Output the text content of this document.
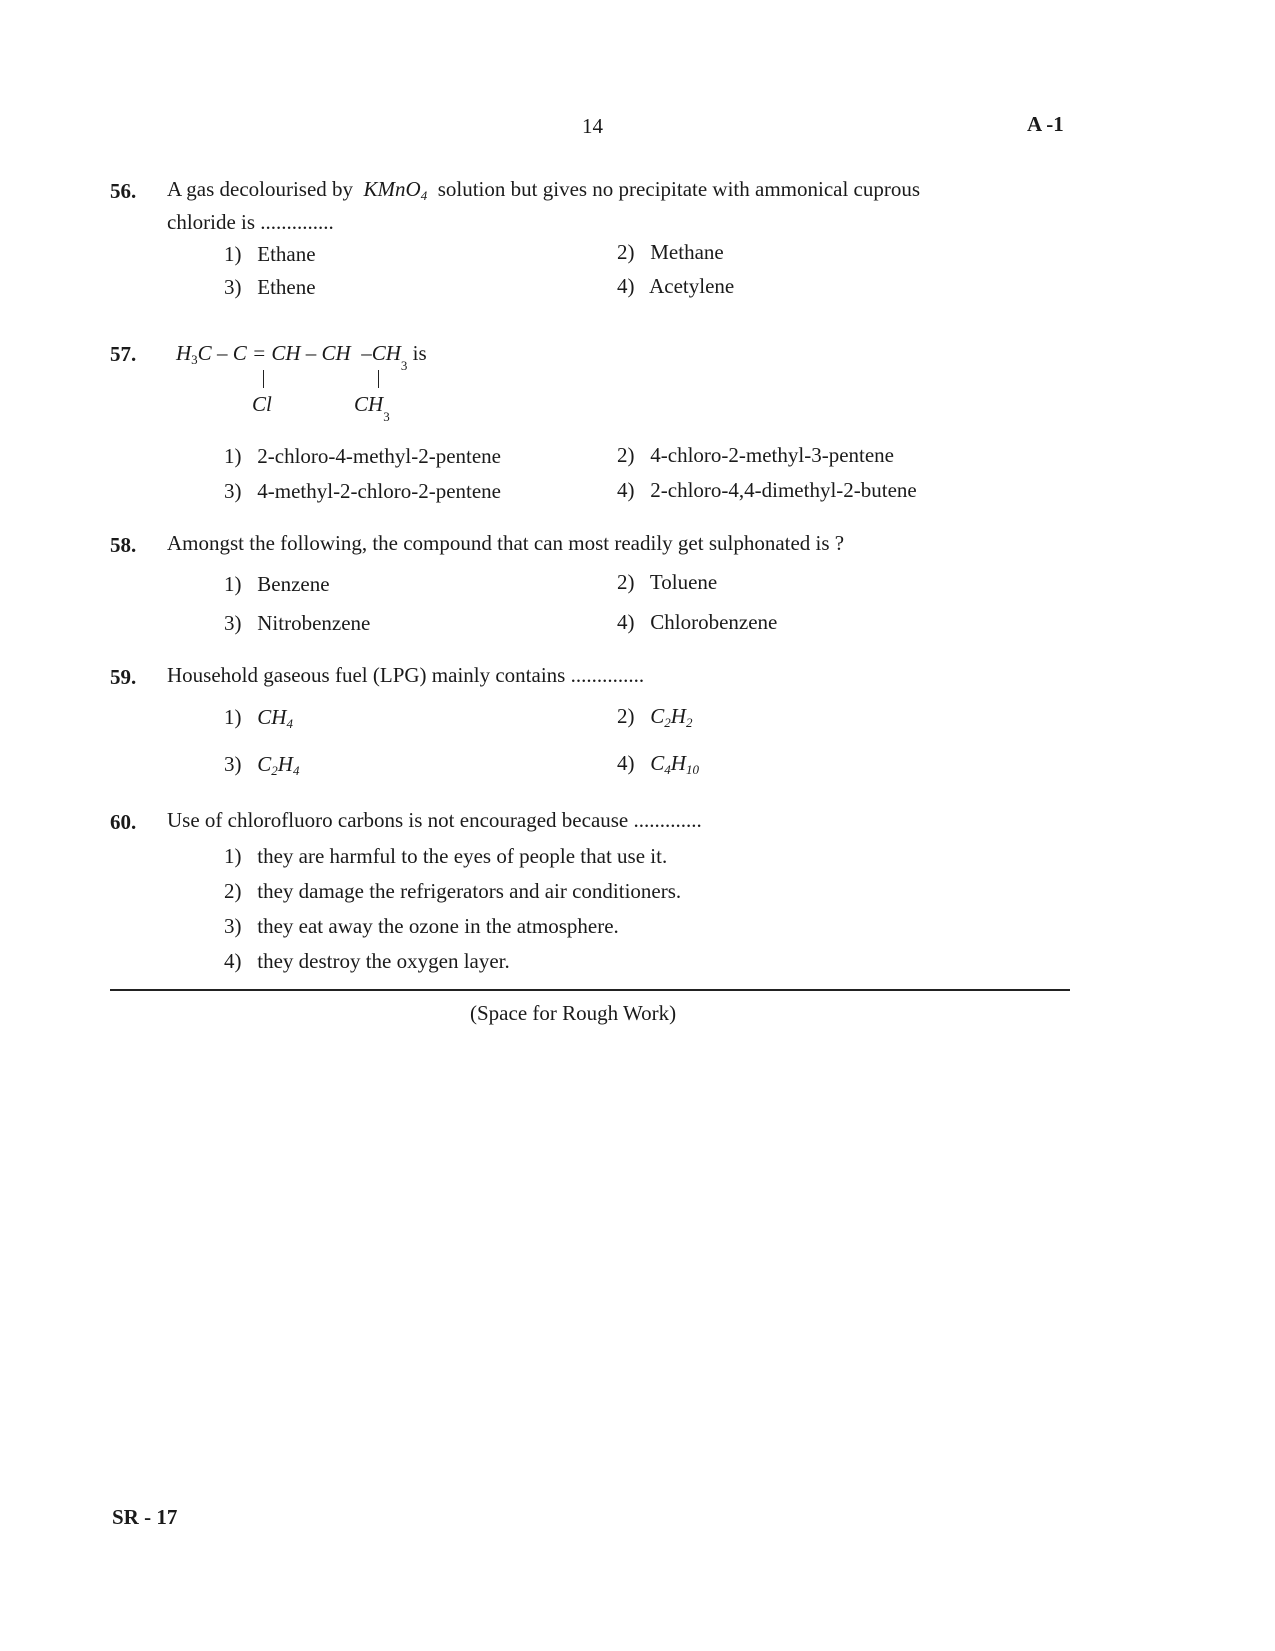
14	A -1
56. A gas decolourised by KMnO$_4$ solution but gives no precipitate with ammonical cuprous
chloride is ..............
1) Ethane	2) Methane
3) Ethene	4) Acetylene
57. $H_3C$ – C = CH – CH $-CH_3$ is
Cl	$CH_3$
1) 2-chloro-4-methyl-2-pentene	2) 4-chloro-2-methyl-3-pentene
3) 4-methyl-2-chloro-2-pentene	4) 2-chloro-4,4-dimethyl-2-butene
58. Amongst the following, the compound that can most readily get sulphonated is ?
1) Benzene	2) Toluene
3) Nitrobenzene	4) Chlorobenzene
59. Household gaseous fuel (LPG) mainly contains ..............
1) $CH_4$	2) $C_2H_2$
3) $C_2H_4$	4) $C_4H_{10}$
60. Use of chlorofluoro carbons is not encouraged because .............
1) they are harmful to the eyes of people that use it.
2) they damage the refrigerators and air conditioners.
3) they eat away the ozone in the atmosphere.
4) they destroy the oxygen layer.
(Space for Rough Work)
SR - 17
